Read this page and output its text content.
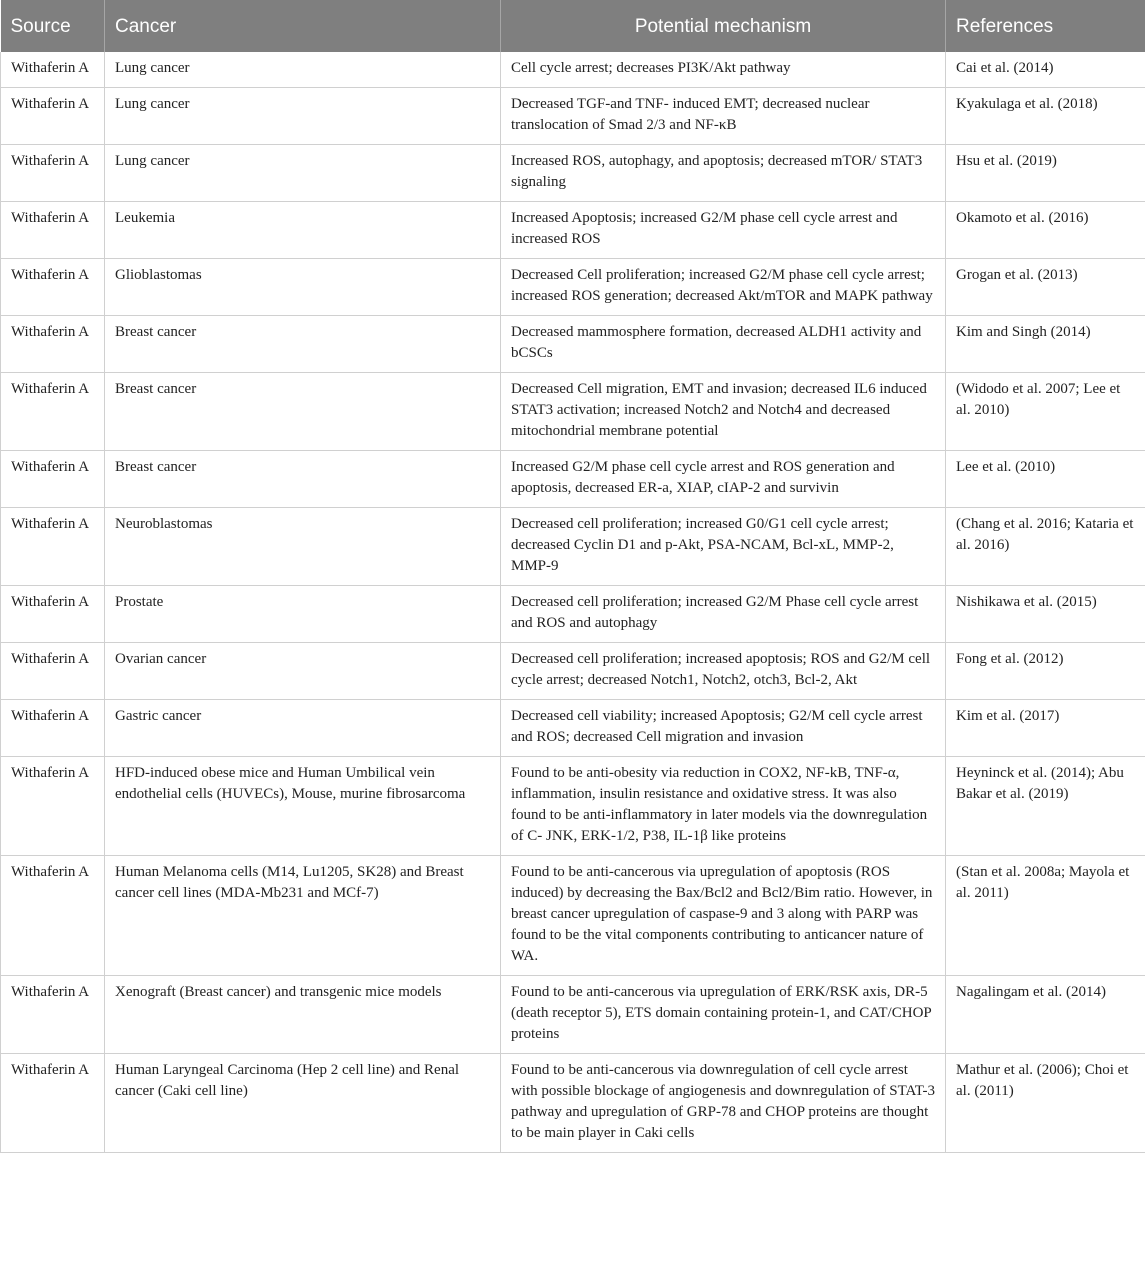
Source	Cancer	Potential mechanism	References
Withaferin A	Lung cancer	Cell cycle arrest; decreases PI3K/Akt pathway	Cai et al. (2014)
Withaferin A	Lung cancer	Decreased TGF-and TNF- induced EMT; decreased nuclear translocation of Smad 2/3 and NF-κB	Kyakulaga et al. (2018)
Withaferin A	Lung cancer	Increased ROS, autophagy, and apoptosis; decreased mTOR/ STAT3 signaling	Hsu et al. (2019)
Withaferin A	Leukemia	Increased Apoptosis; increased G2/M phase cell cycle arrest and increased ROS	Okamoto et al. (2016)
Withaferin A	Glioblastomas	Decreased Cell proliferation; increased G2/M phase cell cycle arrest; increased ROS generation; decreased Akt/mTOR and MAPK pathway	Grogan et al. (2013)
Withaferin A	Breast cancer	Decreased mammosphere formation, decreased ALDH1 activity and bCSCs	Kim and Singh (2014)
Withaferin A	Breast cancer	Decreased Cell migration, EMT and invasion; decreased IL6 induced STAT3 activation; increased Notch2 and Notch4 and decreased mitochondrial membrane potential	(Widodo et al. 2007; Lee et al. 2010)
Withaferin A	Breast cancer	Increased G2/M phase cell cycle arrest and ROS generation and apoptosis, decreased ER-a, XIAP, cIAP-2 and survivin	Lee et al. (2010)
Withaferin A	Neuroblastomas	Decreased cell proliferation; increased G0/G1 cell cycle arrest; decreased Cyclin D1 and p-Akt, PSA-NCAM, Bcl-xL, MMP-2, MMP-9	(Chang et al. 2016; Kataria et al. 2016)
Withaferin A	Prostate	Decreased cell proliferation; increased G2/M Phase cell cycle arrest and ROS and autophagy	Nishikawa et al. (2015)
Withaferin A	Ovarian cancer	Decreased cell proliferation; increased apoptosis; ROS and G2/M cell cycle arrest; decreased Notch1, Notch2, otch3, Bcl-2, Akt	Fong et al. (2012)
Withaferin A	Gastric cancer	Decreased cell viability; increased Apoptosis; G2/M cell cycle arrest and ROS; decreased Cell migration and invasion	Kim et al. (2017)
Withaferin A	HFD-induced obese mice and Human Umbilical vein endothelial cells (HUVECs), Mouse, murine fibrosarcoma	Found to be anti-obesity via reduction in COX2, NF-kB, TNF-α, inflammation, insulin resistance and oxidative stress. It was also found to be anti-inflammatory in later models via the downregulation of C- JNK, ERK-1/2, P38, IL-1β like proteins	Heyninck et al. (2014); Abu Bakar et al. (2019)
Withaferin A	Human Melanoma cells (M14, Lu1205, SK28) and Breast cancer cell lines (MDA-Mb231 and MCf-7)	Found to be anti-cancerous via upregulation of apoptosis (ROS induced) by decreasing the Bax/Bcl2 and Bcl2/Bim ratio. However, in breast cancer upregulation of caspase-9 and 3 along with PARP was found to be the vital components contributing to anticancer nature of WA.	(Stan et al. 2008a; Mayola et al. 2011)
Withaferin A	Xenograft (Breast cancer) and transgenic mice models	Found to be anti-cancerous via upregulation of ERK/RSK axis, DR-5 (death receptor 5), ETS domain containing protein-1, and CAT/CHOP proteins	Nagalingam et al. (2014)
Withaferin A	Human Laryngeal Carcinoma (Hep 2 cell line) and Renal cancer (Caki cell line)	Found to be anti-cancerous via downregulation of cell cycle arrest with possible blockage of angiogenesis and downregulation of STAT-3 pathway and upregulation of GRP-78 and CHOP proteins are thought to be main player in Caki cells	Mathur et al. (2006); Choi et al. (2011)
